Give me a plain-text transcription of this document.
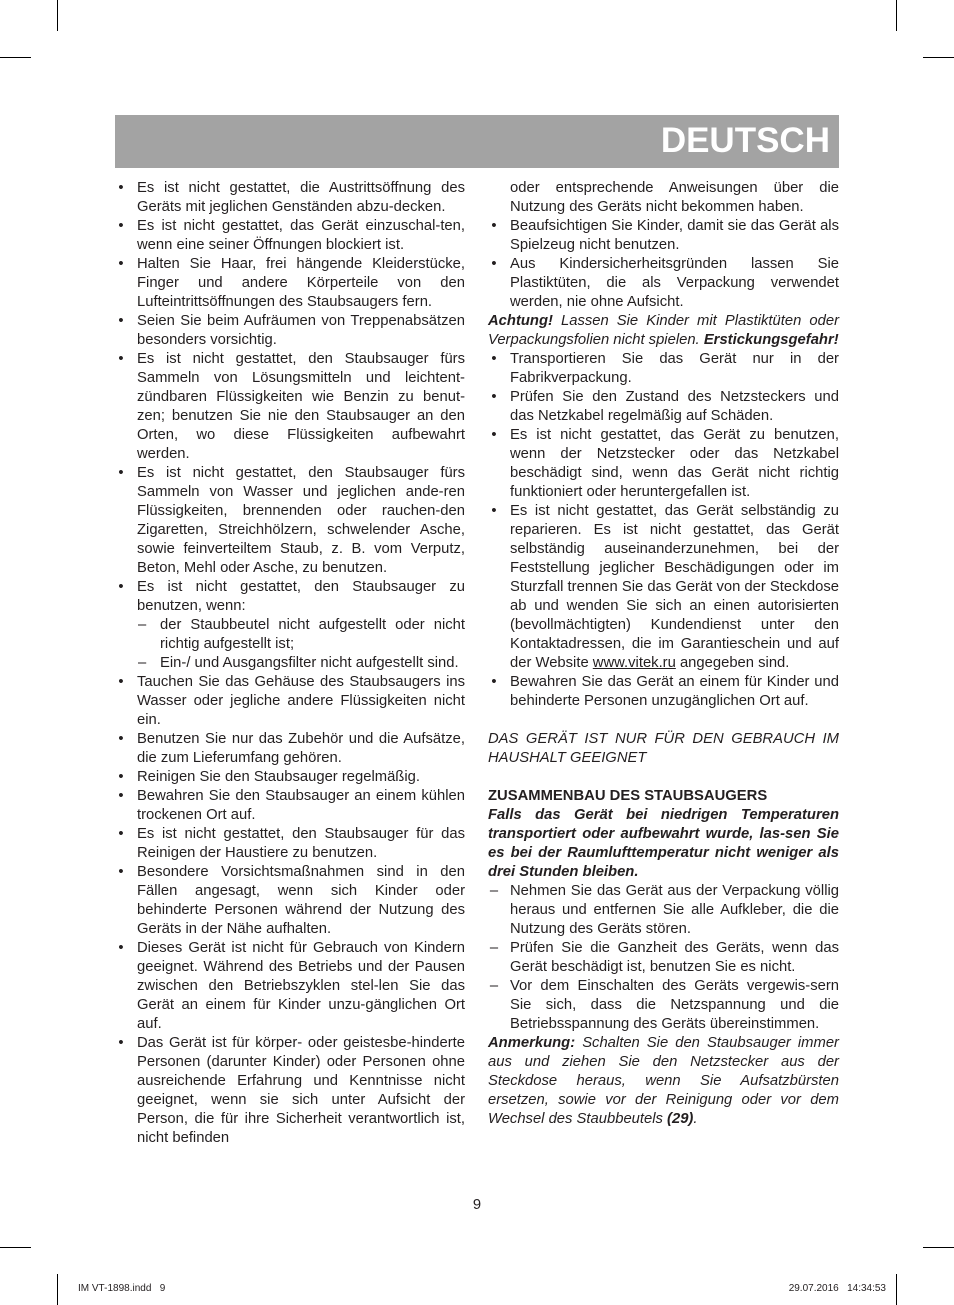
DEUTSCH
• Es ist nicht gestattet, die Austrittsöffnung des Geräts mit jeglichen Genständen abzu-decken.
• Es ist nicht gestattet, das Gerät einzuschal-ten, wenn eine seiner Öffnungen blockiert ist.
• Halten Sie Haar, frei hängende Kleiderstücke, Finger und andere Körperteile von den Lufteintrittsöffnungen des Staubsaugers fern.
• Seien Sie beim Aufräumen von Treppenabsätzen besonders vorsichtig.
• Es ist nicht gestattet, den Staubsauger fürs Sammeln von Lösungsmitteln und leichtent-zündbaren Flüssigkeiten wie Benzin zu benut-zen; benutzen Sie nie den Staubsauger an den Orten, wo diese Flüssigkeiten aufbewahrt werden.
• Es ist nicht gestattet, den Staubsauger fürs Sammeln von Wasser und jeglichen ande-ren Flüssigkeiten, brennenden oder rauchen-den Zigaretten, Streichhölzern, schwelender Asche, sowie feinverteiltem Staub, z. B. vom Verputz, Beton, Mehl oder Asche, zu benutzen.
• Es ist nicht gestattet, den Staubsauger zu benutzen, wenn:
– der Staubbeutel nicht aufgestellt oder nicht richtig aufgestellt ist;
– Ein-/ und Ausgangsfilter nicht aufgestellt sind.
• Tauchen Sie das Gehäuse des Staubsaugers ins Wasser oder jegliche andere Flüssigkeiten nicht ein.
• Benutzen Sie nur das Zubehör und die Aufsätze, die zum Lieferumfang gehören.
• Reinigen Sie den Staubsauger regelmäßig.
• Bewahren Sie den Staubsauger an einem kühlen trockenen Ort auf.
• Es ist nicht gestattet, den Staubsauger für das Reinigen der Haustiere zu benutzen.
• Besondere Vorsichtsmaßnahmen sind in den Fällen angesagt, wenn sich Kinder oder behinderte Personen während der Nutzung des Geräts in der Nähe aufhalten.
• Dieses Gerät ist nicht für Gebrauch von Kindern geeignet. Während des Betriebs und der Pausen zwischen den Betriebszyklen stel-len Sie das Gerät an einem für Kinder unzu-gänglichen Ort auf.
• Das Gerät ist für körper- oder geistesbe-hinderte Personen (darunter Kinder) oder Personen ohne ausreichende Erfahrung und Kenntnisse nicht geeignet, wenn sie sich unter Aufsicht der Person, die für ihre Sicherheit verantwortlich ist, nicht befinden
oder entsprechende Anweisungen über die Nutzung des Geräts nicht bekommen haben.
• Beaufsichtigen Sie Kinder, damit sie das Gerät als Spielzeug nicht benutzen.
• Aus Kindersicherheitsgründen lassen Sie Plastiktüten, die als Verpackung verwendet werden, nie ohne Aufsicht.
Achtung! Lassen Sie Kinder mit Plastiktüten oder Verpackungsfolien nicht spielen. Erstickungsgefahr!
• Transportieren Sie das Gerät nur in der Fabrikverpackung.
• Prüfen Sie den Zustand des Netzsteckers und das Netzkabel regelmäßig auf Schäden.
• Es ist nicht gestattet, das Gerät zu benutzen, wenn der Netzstecker oder das Netzkabel beschädigt sind, wenn das Gerät nicht richtig funktioniert oder heruntergefallen ist.
• Es ist nicht gestattet, das Gerät selbständig zu reparieren. Es ist nicht gestattet, das Gerät selbständig auseinanderzunehmen, bei der Feststellung jeglicher Beschädigungen oder im Sturzfall trennen Sie das Gerät von der Steckdose ab und wenden Sie sich an einen autorisierten (bevollmächtigten) Kundendienst unter den Kontaktadressen, die im Garantieschein und auf der Website www.vitek.ru angegeben sind.
• Bewahren Sie das Gerät an einem für Kinder und behinderte Personen unzugänglichen Ort auf.
DAS GERÄT IST NUR FÜR DEN GEBRAUCH IM HAUSHALT GEEIGNET
ZUSAMMENBAU DES STAUBSAUGERS
Falls das Gerät bei niedrigen Temperaturen transportiert oder aufbewahrt wurde, las-sen Sie es bei der Raumlufttemperatur nicht weniger als drei Stunden bleiben.
– Nehmen Sie das Gerät aus der Verpackung völlig heraus und entfernen Sie alle Aufkleber, die die Nutzung des Geräts stören.
– Prüfen Sie die Ganzheit des Geräts, wenn das Gerät beschädigt ist, benutzen Sie es nicht.
– Vor dem Einschalten des Geräts vergewis-sern Sie sich, dass die Netzspannung und die Betriebsspannung des Geräts übereinstimmen.
Anmerkung: Schalten Sie den Staubsauger immer aus und ziehen Sie den Netzstecker aus der Steckdose heraus, wenn Sie Aufsatzbürsten ersetzen, sowie vor der Reinigung oder vor dem Wechsel des Staubbeutels (29).
9
IM VT-1898.indd   9	29.07.2016   14:34:53
